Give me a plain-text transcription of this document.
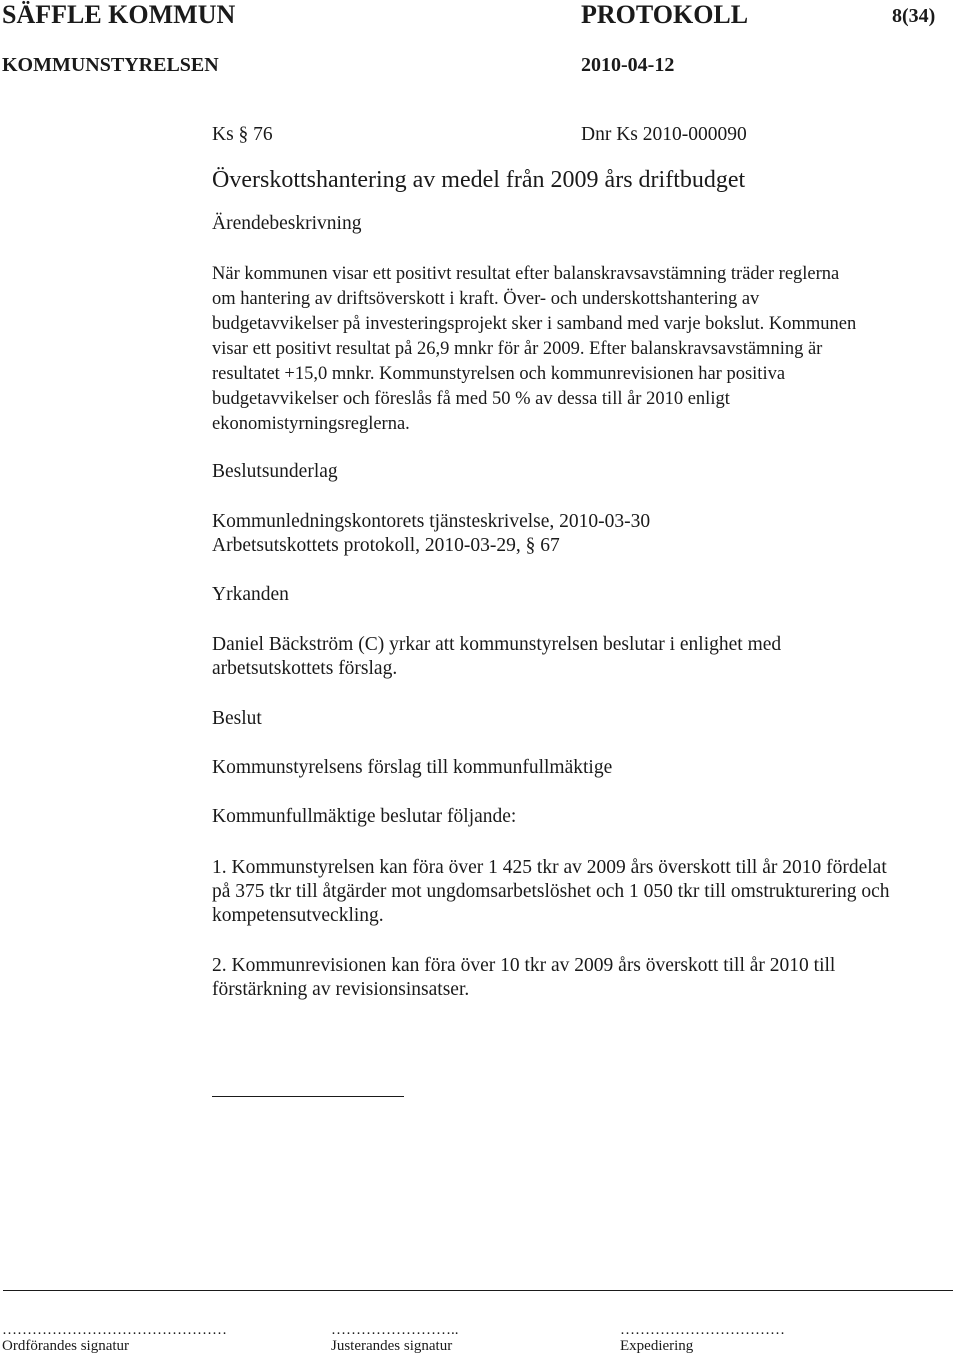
SÄFFLE KOMMUN	PROTOKOLL	8(34)
KOMMUNSTYRELSEN	2010-04-12
Ks § 76	Dnr Ks 2010-000090
Överskottshantering av medel från 2009 års driftbudget
Ärendebeskrivning
När kommunen visar ett positivt resultat efter balanskravsavstämning träder reglerna
om hantering av driftsöverskott i kraft. Över- och underskottshantering av
budgetavvikelser på investeringsprojekt sker i samband med varje bokslut. Kommunen
visar ett positivt resultat på 26,9 mnkr för år 2009. Efter balanskravsavstämning är
resultatet +15,0 mnkr. Kommunstyrelsen och kommunrevisionen har positiva
budgetavvikelser och föreslås få med 50 % av dessa till år 2010 enligt
ekonomistyrningsreglerna.
Beslutsunderlag
Kommunledningskontorets tjänsteskrivelse, 2010-03-30
Arbetsutskottets protokoll, 2010-03-29, § 67
Yrkanden
Daniel Bäckström (C) yrkar att kommunstyrelsen beslutar i enlighet med
arbetsutskottets förslag.
Beslut
Kommunstyrelsens förslag till kommunfullmäktige
Kommunfullmäktige beslutar följande:
1. Kommunstyrelsen kan föra över 1 425 tkr av 2009 års överskott till år 2010 fördelat
på 375 tkr till åtgärder mot ungdomsarbetslöshet och 1 050 tkr till omstrukturering och
kompetensutveckling.
2. Kommunrevisionen kan föra över 10 tkr av 2009 års överskott till år 2010 till
förstärkning av revisionsinsatser.
………………………………………
Ordförandes signatur
……………………..
Justerandes signatur
……………………………
Expediering
